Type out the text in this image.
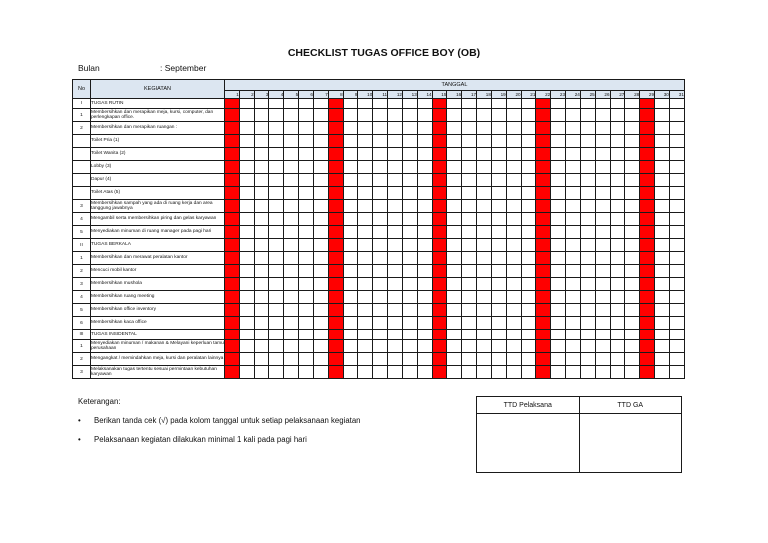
CHECKLIST TUGAS OFFICE BOY (OB)
Bulan	: September
No	KEGIATAN	TANGGAL																														
		1	2	3	4	5	6	7	8	9	10	11	12	13	14	15	16	17	18	19	20	21	22	23	24	25	26	27	28	29	30	31
I	TUGAS RUTIN																															
1	Membersihkan dan merapikan meja, kursi, computer, dan perlengkapan office.																															
2	Membersihkan dan merapikan ruangan :																															
	Toilet Pria (1)																															
	Toilet Wanita (2)																															
	Lobby (3)																															
	Dapur (4)																															
	Toilet Atas (5)																															
3	Membersihkan sampah yang ada di ruang kerja dan area tanggung jawabnya																															
4	Mengambil serta membersihkan piring dan gelas karyawan																															
5	Menyediakan minuman di ruang manager pada pagi hari																															
II	TUGAS BERKALA																															
1	Membersihkan dan merawat peralatan kantor																															
2	Mencuci mobil kantor																															
3	Membersihkan mushola																															
4	Membersihkan ruang meeting																															
5	Membersihkan office inventory																															
6	Membersihkan kaca office																															
III	TUGAS INSIDENTAL																															
1	Menyediakan minuman / makanan & Melayani keperluan tamu perusahaan																															
2	Mengangkat / memindahkan meja, kursi dan peralatan lainnya																															
3	Melaksanakan tugas tertentu sesuai permintaan kebutuhan karyawan																															
Keterangan:
• Berikan tanda cek (√) pada kolom tanggal untuk setiap pelaksanaan kegiatan
• Pelaksanaan kegiatan dilakukan minimal 1 kali pada pagi hari
TTD Pelaksana	TTD GA
